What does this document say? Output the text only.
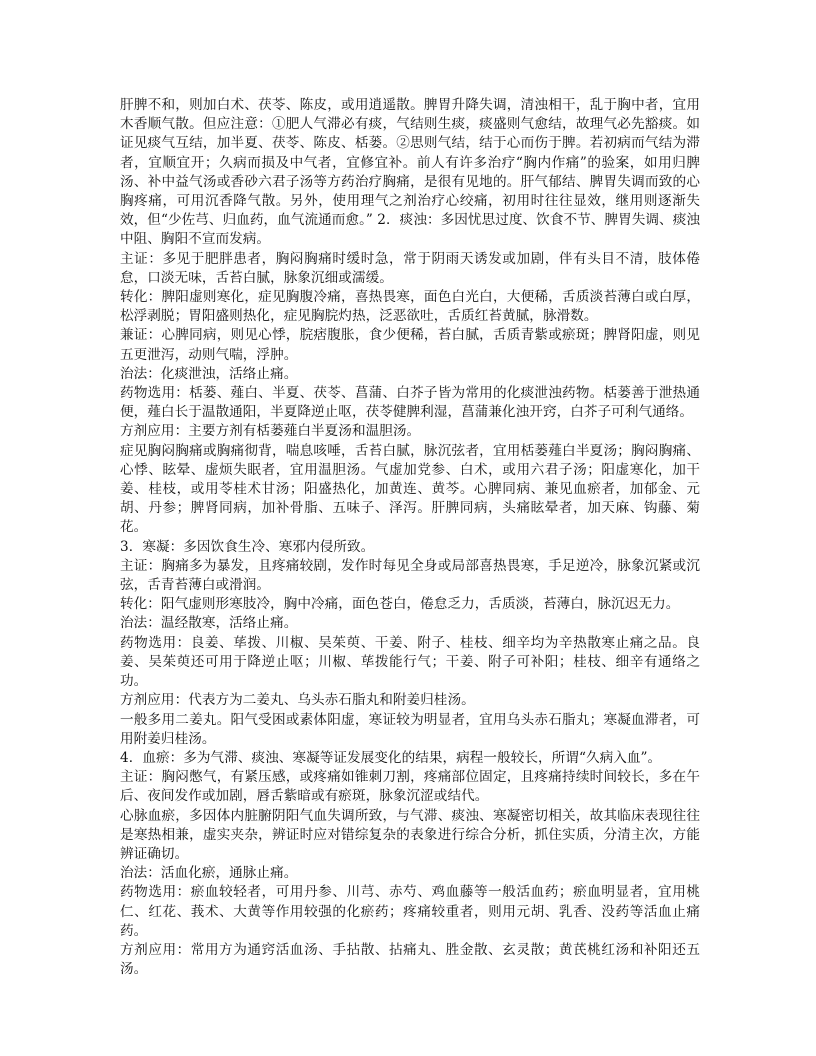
肝脾不和，则加白术、茯苓、陈皮，或用逍遥散。脾胃升降失调，清浊相干，乱于胸中者，宜用木香顺气散。但应注意：①肥人气滞必有痰，气结则生痰，痰盛则气愈结，故理气必先豁痰。如证见痰气互结，加半夏、茯苓、陈皮、栝蒌。②思则气结，结于心而伤于脾。若初病而气结为滞者，宜顺宜开；久病而损及中气者，宜修宜补。前人有许多治疗“胸内作痛”的验案，如用归脾汤、补中益气汤或香砂六君子汤等方药治疗胸痛，是很有见地的。肝气郁结、脾胃失调而致的心胸疼痛，可用沉香降气散。另外，使用理气之剂治疗心绞痛，初用时往往显效，继用则逐渐失效，但“少佐芎、归血药，血气流通而愈。” 2．痰浊：多因忧思过度、饮食不节、脾胃失调、痰浊中阻、胸阳不宣而发病。

主证：多见于肥胖患者，胸闷胸痛时缓时急，常于阴雨天诱发或加剧，伴有头目不清，肢体倦怠，口淡无味，舌苔白腻，脉象沉细或濡缓。

转化：脾阳虚则寒化，症见胸腹冷痛，喜热畏寒，面色白光白，大便稀，舌质淡苔薄白或白厚，松浮剥脱；胃阳盛则热化，症见胸脘灼热，泛恶欲吐，舌质红苔黄腻，脉滑数。

兼证：心脾同病，则见心悸，脘痞腹胀，食少便稀，苔白腻，舌质青紫或瘀斑；脾肾阳虚，则见五更泄泻，动则气喘，浮肿。

治法：化痰泄浊，活络止痛。

药物选用：栝蒌、薤白、半夏、茯苓、菖蒲、白芥子皆为常用的化痰泄浊药物。栝蒌善于泄热通便，薤白长于温散通阳，半夏降逆止呕，茯苓健脾利湿，菖蒲兼化浊开窍，白芥子可利气通络。

方剂应用：主要方剂有栝蒌薤白半夏汤和温胆汤。

症见胸闷胸痛或胸痛彻背，喘息咳唾，舌苔白腻，脉沉弦者，宜用栝蒌薤白半夏汤；胸闷胸痛、心悸、眩晕、虚烦失眠者，宜用温胆汤。气虚加党参、白术，或用六君子汤；阳虚寒化，加干姜、桂枝，或用苓桂术甘汤；阳盛热化，加黄连、黄芩。心脾同病、兼见血瘀者，加郁金、元胡、丹参；脾肾同病，加补骨脂、五味子、泽泻。肝脾同病，头痛眩晕者，加天麻、钩藤、菊花。

3．寒凝：多因饮食生冷、寒邪内侵所致。

主证：胸痛多为暴发，且疼痛较剧，发作时每见全身或局部喜热畏寒，手足逆冷，脉象沉紧或沉弦，舌青苔薄白或滑润。

转化：阳气虚则形寒肢冷，胸中冷痛，面色苍白，倦怠乏力，舌质淡，苔薄白，脉沉迟无力。

治法：温经散寒，活络止痛。

药物选用：良姜、荜拨、川椒、吴茱萸、干姜、附子、桂枝、细辛均为辛热散寒止痛之品。良姜、吴茱萸还可用于降逆止呕；川椒、荜拨能行气；干姜、附子可补阳；桂枝、细辛有通络之功。

方剂应用：代表方为二姜丸、乌头赤石脂丸和附姜归桂汤。

一般多用二姜丸。阳气受困或素体阳虚，寒证较为明显者，宜用乌头赤石脂丸；寒凝血滞者，可用附姜归桂汤。

4．血瘀：多为气滞、痰浊、寒凝等证发展变化的结果，病程一般较长，所谓“久病入血”。

主证：胸闷憋气，有紧压感，或疼痛如锥刺刀割，疼痛部位固定，且疼痛持续时间较长，多在午后、夜间发作或加剧，唇舌紫暗或有瘀斑，脉象沉涩或结代。

心脉血瘀，多因体内脏腑阴阳气血失调所致，与气滞、痰浊、寒凝密切相关，故其临床表现往往是寒热相兼，虚实夹杂，辨证时应对错综复杂的表象进行综合分析，抓住实质，分清主次，方能辨证确切。

治法：活血化瘀，通脉止痛。

药物选用：瘀血较轻者，可用丹参、川芎、赤芍、鸡血藤等一般活血药；瘀血明显者，宜用桃仁、红花、莪术、大黄等作用较强的化瘀药；疼痛较重者，则用元胡、乳香、没药等活血止痛药。

方剂应用：常用方为通窍活血汤、手拈散、拈痛丸、胜金散、玄灵散；黄芪桃红汤和补阳还五汤。
